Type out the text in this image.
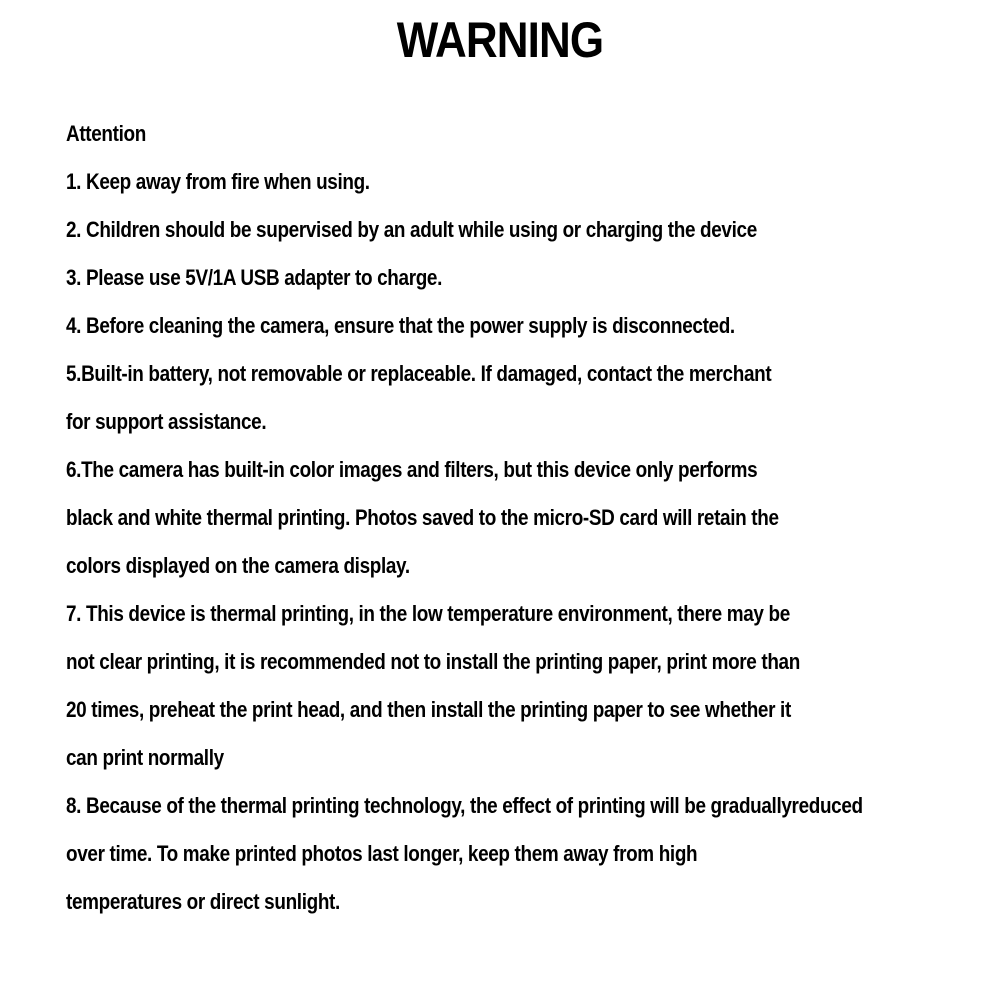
WARNING
Attention
1. Keep away from fire when using.
2. Children should be supervised by an adult while using or charging the device
3. Please use 5V/1A USB adapter to charge.
4. Before cleaning the camera, ensure that the power supply is disconnected.
5.Built-in battery, not removable or replaceable. If damaged, contact the merchant
for support assistance.
6.The camera has built-in color images and filters, but this device only performs
black and white thermal printing. Photos saved to the micro-SD card will retain the
colors displayed on the camera display.
7. This device is thermal printing, in the low temperature environment, there may be
not clear printing, it is recommended not to install the printing paper, print more than
20 times, preheat the print head, and then install the printing paper to see whether it
can print normally
8. Because of the thermal printing technology, the effect of printing will be graduallyreduced
over time. To make printed photos last longer, keep them away from high
temperatures or direct sunlight.
